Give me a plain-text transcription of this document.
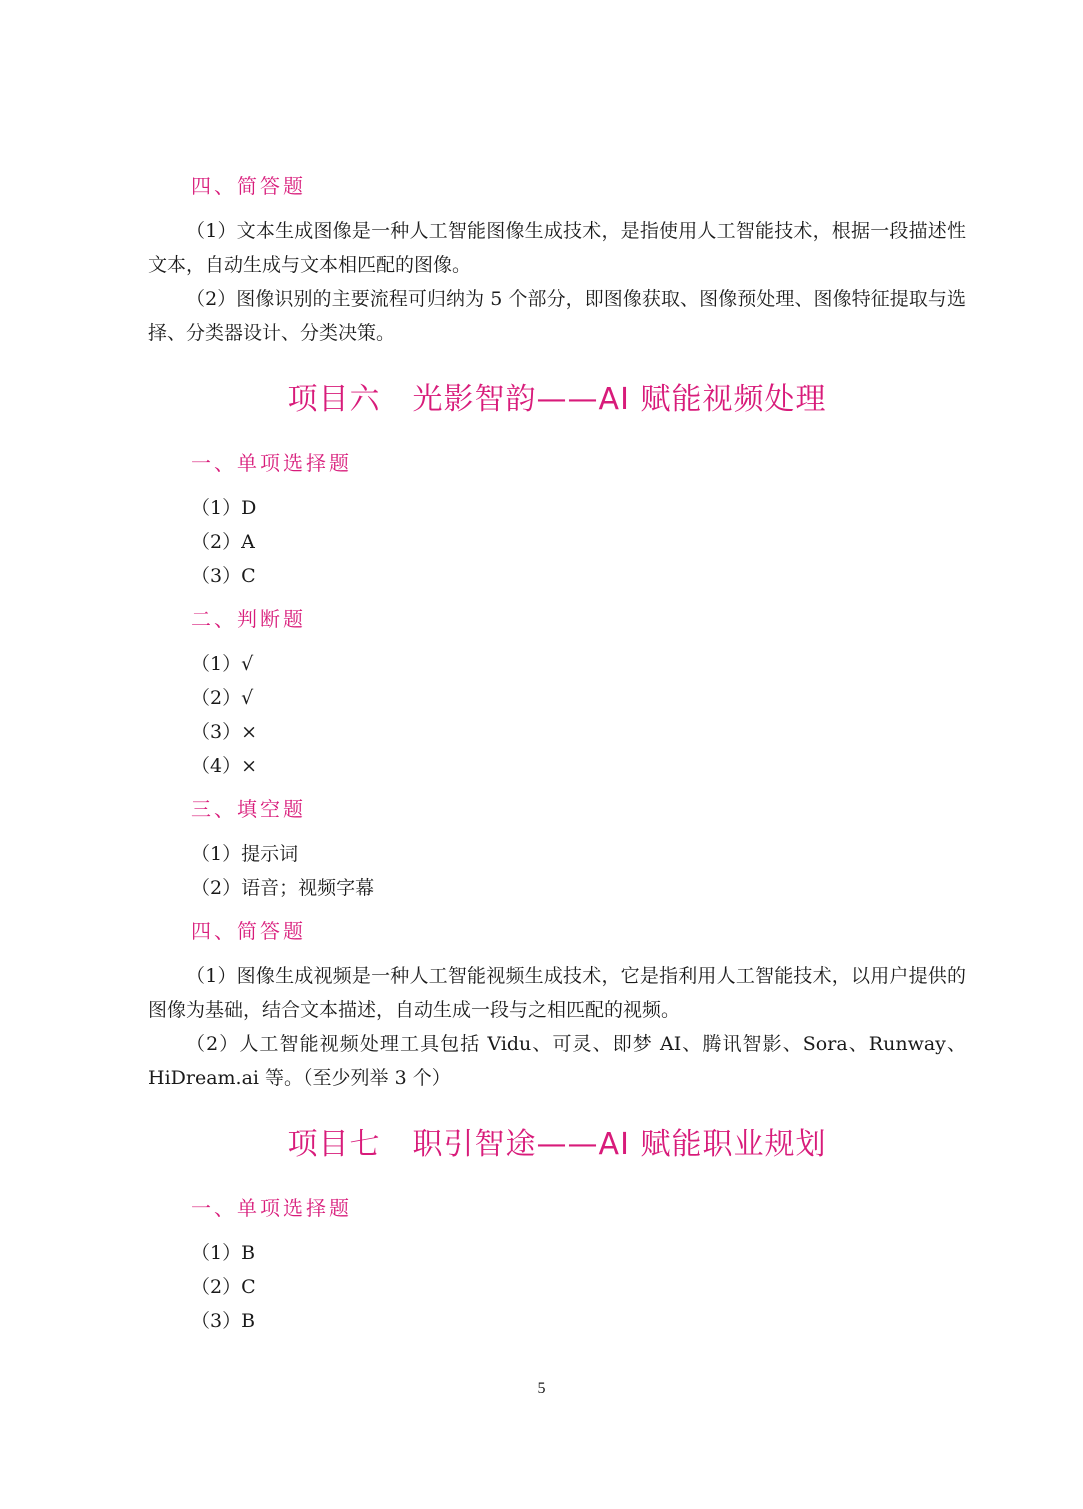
四、简答题

（1）文本生成图像是一种人工智能图像生成技术，是指使用人工智能技术，根据一段描述性文本，自动生成与文本相匹配的图像。

（2）图像识别的主要流程可归纳为 5 个部分，即图像获取、图像预处理、图像特征提取与选择、分类器设计、分类决策。

项目六 光影智韵——AI 赋能视频处理
一、单项选择题

（1）D

（2）A

（3）C

二、判断题

（1）√

（2）√

（3）×

（4）×

三、填空题

（1）提示词

（2）语音；视频字幕

四、简答题

（1）图像生成视频是一种人工智能视频生成技术，它是指利用人工智能技术，以用户提供的图像为基础，结合文本描述，自动生成一段与之相匹配的视频。

（2）人工智能视频处理工具包括 Vidu、可灵、即梦 AI、腾讯智影、Sora、Runway、HiDream.ai 等。（至少列举 3 个）

项目七 职引智途——AI 赋能职业规划
一、单项选择题

（1）B

（2）C

（3）B

5
